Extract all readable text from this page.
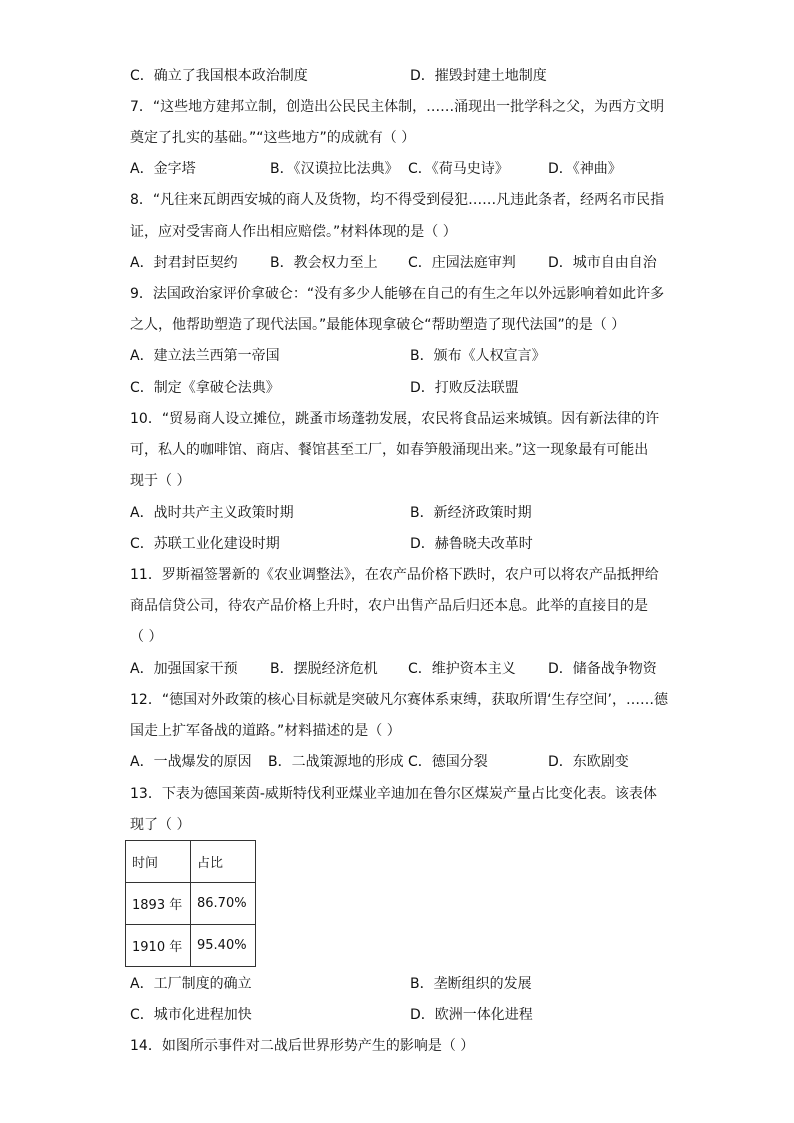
C．确立了我国根本政治制度	D．摧毁封建土地制度
7．“这些地方建邦立制，创造出公民民主体制，……涌现出一批学科之父，为西方文明
奠定了扎实的基础。”“这些地方”的成就有（ ）
A．金字塔	B．《汉谟拉比法典》 C．《荷马史诗》	D．《神曲》
8．“凡往来瓦朗西安城的商人及货物，均不得受到侵犯……凡违此条者，经两名市民指
证，应对受害商人作出相应赔偿。”材料体现的是（ ）
A．封君封臣契约 B．教会权力至上 C．庄园法庭审判 D．城市自由自治
9．法国政治家评价拿破仑：“没有多少人能够在自己的有生之年以外远影响着如此许多
之人，他帮助塑造了现代法国。”最能体现拿破仑“帮助塑造了现代法国”的是（ ）
A．建立法兰西第一帝国	B．颁布《人权宣言》
C．制定《拿破仑法典》	D．打败反法联盟
10．“贸易商人设立摊位，跳蚤市场蓬勃发展，农民将食品运来城镇。因有新法律的许
可，私人的咖啡馆、商店、餐馆甚至工厂，如春笋般涌现出来。”这一现象最有可能出
现于（ ）
A．战时共产主义政策时期	B．新经济政策时期
C．苏联工业化建设时期	D．赫鲁晓夫改革时
11．罗斯福签署新的《农业调整法》，在农产品价格下跌时，农户可以将农产品抵押给
商品信贷公司，待农产品价格上升时，农户出售产品后归还本息。此举的直接目的是
（ ）
A．加强国家干预 B．摆脱经济危机 C．维护资本主义 D．储备战争物资
12．“德国对外政策的核心目标就是突破凡尔赛体系束缚，获取所谓‘生存空间’，……德
国走上扩军备战的道路。”材料描述的是（ ）
A．一战爆发的原因 B．二战策源地的形成 C．德国分裂	D．东欧剧变
13．下表为德国莱茵-威斯特伐利亚煤业辛迪加在鲁尔区煤炭产量占比变化表。该表体
现了（ ）
时间	占比
1893 年	86.70%
1910 年	95.40%
A．工厂制度的确立	B．垄断组织的发展
C．城市化进程加快	D．欧洲一体化进程
14．如图所示事件对二战后世界形势产生的影响是（ ）
